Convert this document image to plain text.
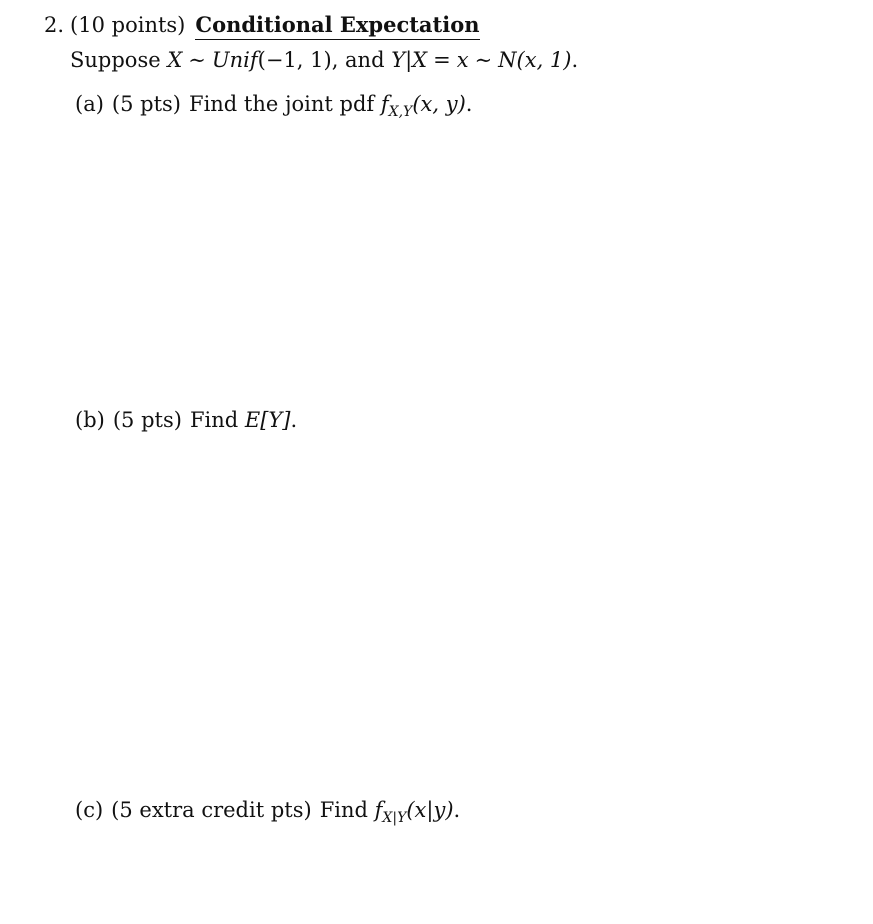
2. (10 points) Conditional Expectation
Suppose X ∼ Unif(−1, 1), and Y|X = x ∼ N(x, 1).
(a) (5 pts) Find the joint pdf $f_{X,Y}(x$, y).
(b) (5 pts) Find E[Y].
(c) (5 extra credit pts) Find $f_{X|Y}(x|y)$.
